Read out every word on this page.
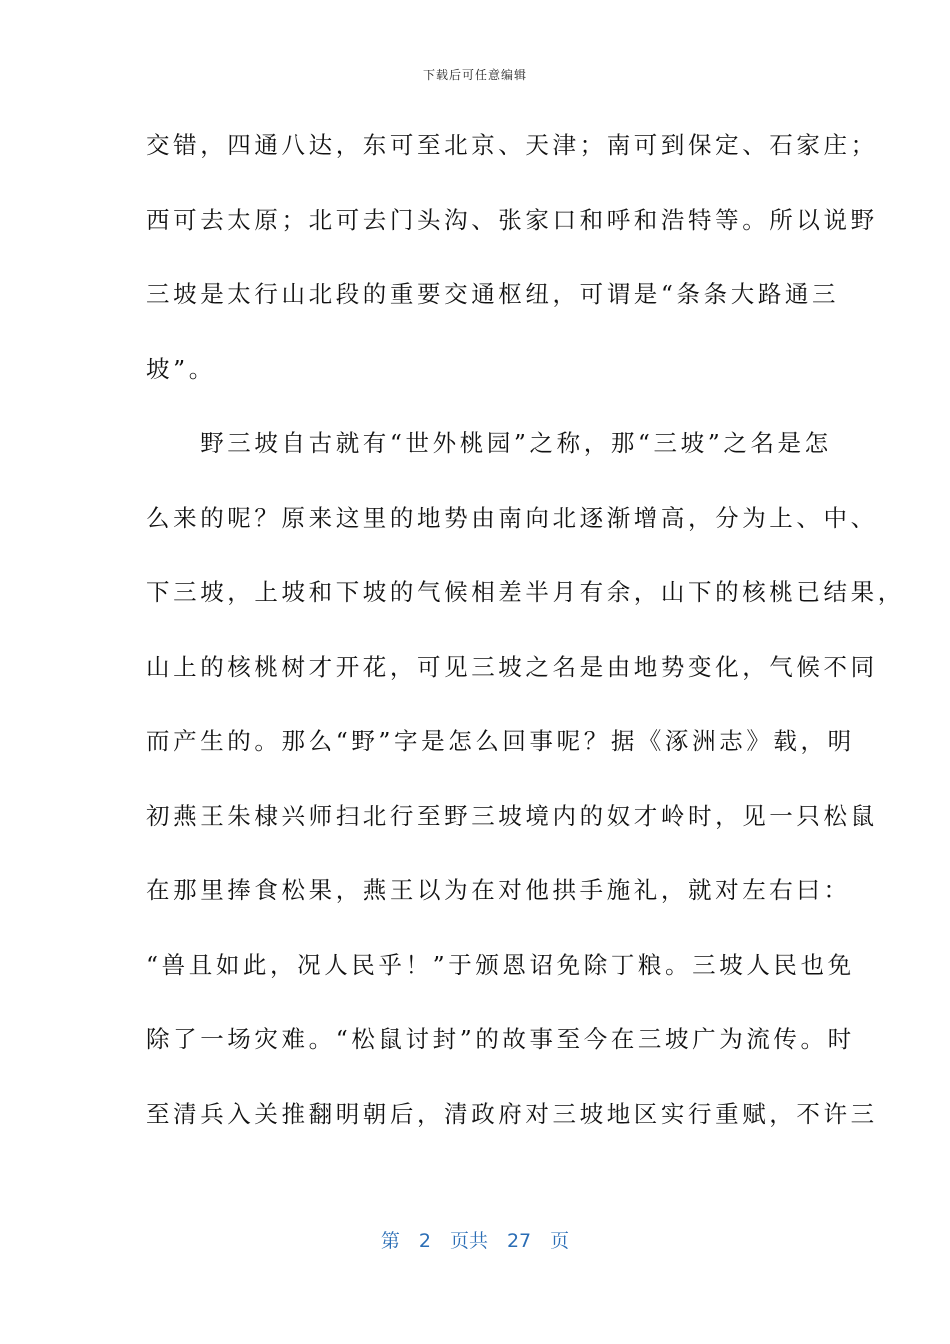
下载后可任意编辑
交错，四通八达，东可至北京、天津；南可到保定、石家庄；
西可去太原；北可去门头沟、张家口和呼和浩特等。所以说野
三坡是太行山北段的重要交通枢纽，可谓是“条条大路通三
坡”。
　　野三坡自古就有“世外桃园”之称，那“三坡”之名是怎
么来的呢？原来这里的地势由南向北逐渐增高，分为上、中、
下三坡，上坡和下坡的气候相差半月有余，山下的核桃已结果，
山上的核桃树才开花，可见三坡之名是由地势变化，气候不同
而产生的。那么“野”字是怎么回事呢？据《涿洲志》载，明
初燕王朱棣兴师扫北行至野三坡境内的奴才岭时，见一只松鼠
在那里捧食松果，燕王以为在对他拱手施礼，就对左右曰：
“兽且如此，况人民乎！”于颁恩诏免除丁粮。三坡人民也免
除了一场灾难。“松鼠讨封”的故事至今在三坡广为流传。时
至清兵入关推翻明朝后，清政府对三坡地区实行重赋，不许三
第　2　页共　27　页
